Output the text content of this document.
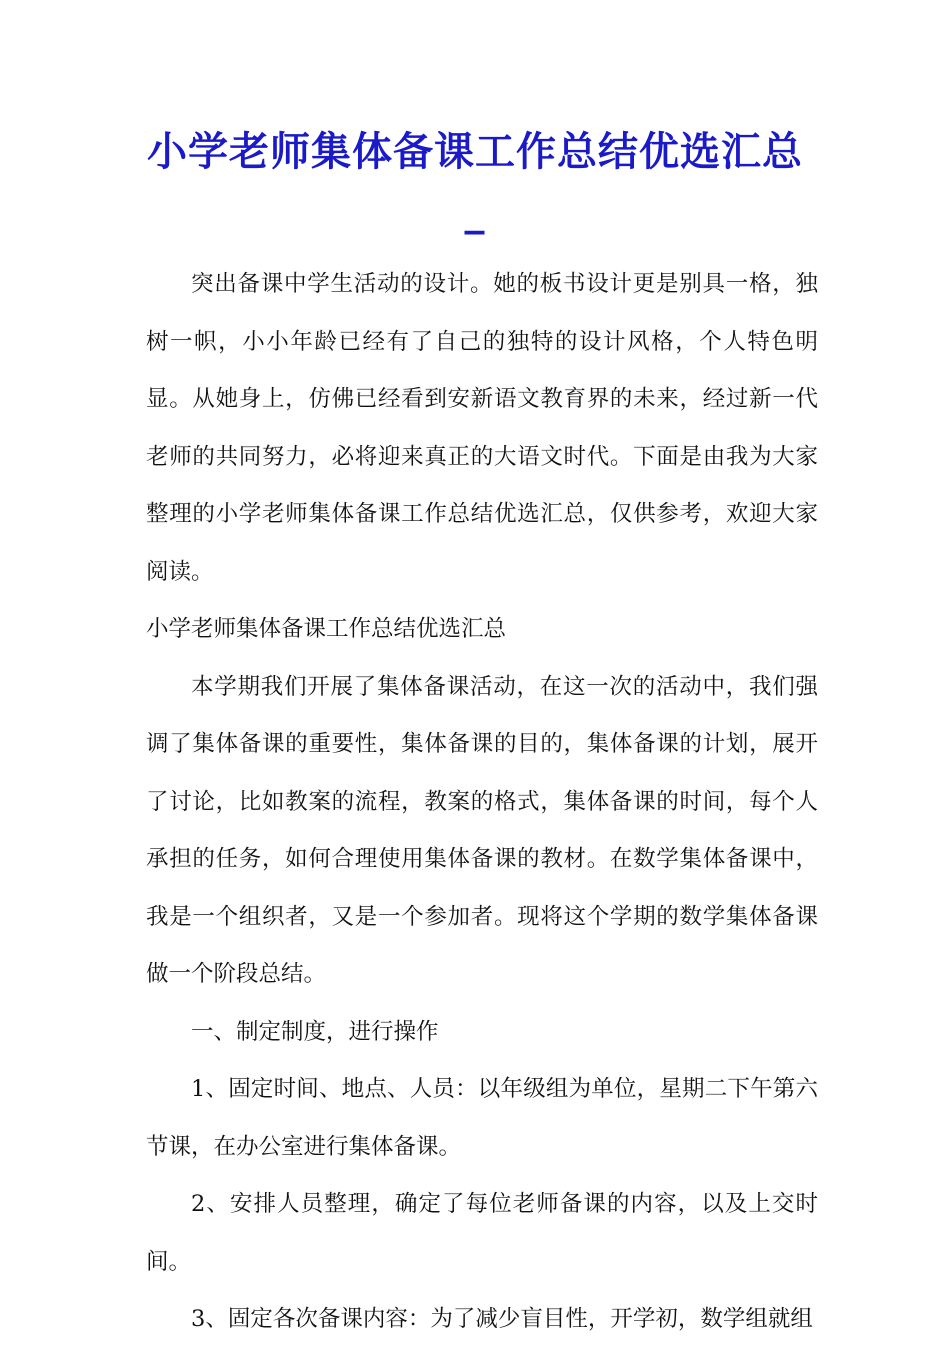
小学老师集体备课工作总结优选汇总_

突出备课中学生活动的设计。她的板书设计更是别具一格，独树一帜，小小年龄已经有了自己的独特的设计风格，个人特色明显。从她身上，仿佛已经看到安新语文教育界的未来，经过新一代老师的共同努力，必将迎来真正的大语文时代。下面是由我为大家整理的小学老师集体备课工作总结优选汇总，仅供参考，欢迎大家阅读。

小学老师集体备课工作总结优选汇总

本学期我们开展了集体备课活动，在这一次的活动中，我们强调了集体备课的重要性，集体备课的目的，集体备课的计划，展开了讨论，比如教案的流程，教案的格式，集体备课的时间，每个人承担的任务，如何合理使用集体备课的教材。在数学集体备课中，我是一个组织者，又是一个参加者。现将这个学期的数学集体备课做一个阶段总结。

一、制定制度，进行操作

1、固定时间、地点、人员：以年级组为单位，星期二下午第六节课，在办公室进行集体备课。

2、安排人员整理，确定了每位老师备课的内容，以及上交时间。

3、固定各次备课内容：为了减少盲目性，开学初，数学组就组
